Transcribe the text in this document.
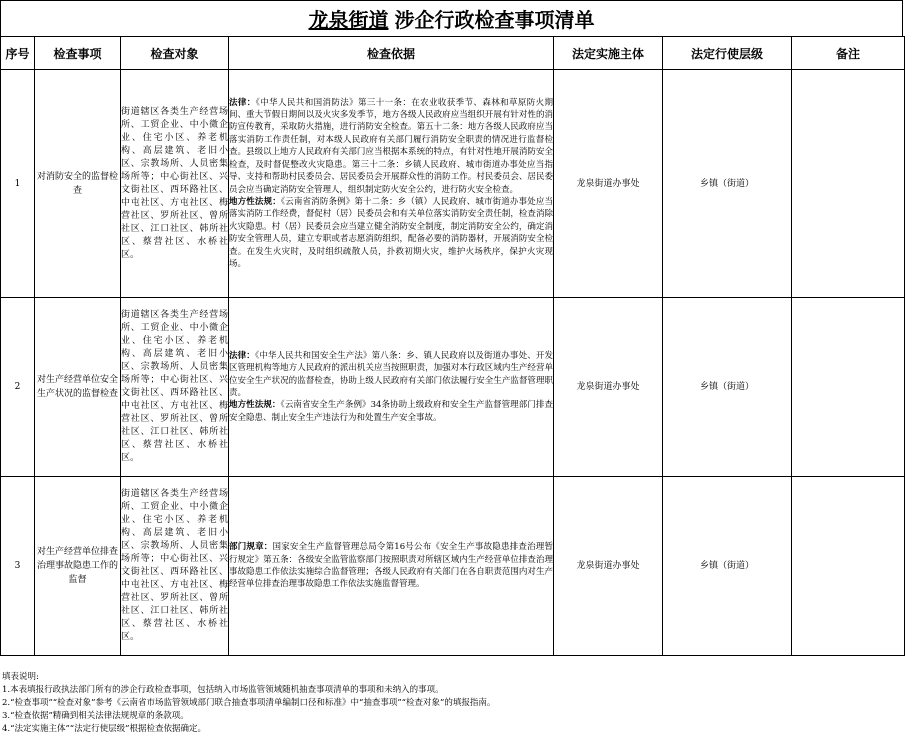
龙泉街道 涉企行政检查事项清单
序号	检查事项	检查对象	检查依据	法定实施主体	法定行使层级	备注
1	对消防安全的监督检查	街道辖区各类生产经营场所、工贸企业、中小微企业、住宅小区、养老机构、高层建筑、老旧小区、宗教场所、人员密集场所等；中心街社区、兴文街社区、西环路社区、中屯社区、方屯社区、梅营社区、罗所社区、曾所社区、江口社区、韩所社区、蔡营社区、水桥社区。	法律：《中华人民共和国消防法》第三十一条：在农业收获季节、森林和草原防火期间、重大节假日期间以及火灾多发季节，地方各级人民政府应当组织开展有针对性的消防宣传教育，采取防火措施，进行消防安全检查。第五十二条：地方各级人民政府应当落实消防工作责任制，对本级人民政府有关部门履行消防安全职责的情况进行监督检查。县级以上地方人民政府有关部门应当根据本系统的特点，有针对性地开展消防安全检查，及时督促整改火灾隐患。第三十二条：乡镇人民政府、城市街道办事处应当指导、支持和帮助村民委员会、居民委员会开展群众性的消防工作。村民委员会、居民委员会应当确定消防安全管理人，组织制定防火安全公约，进行防火安全检查。
地方性法规：《云南省消防条例》第十二条：乡（镇）人民政府、城市街道办事处应当落实消防工作经费，督促村（居）民委员会和有关单位落实消防安全责任制，检查消除火灾隐患。村（居）民委员会应当建立健全消防安全制度，制定消防安全公约，确定消防安全管理人员，建立专职或者志愿消防组织，配备必要的消防器材，开展消防安全检查。在发生火灾时，及时组织疏散人员，扑救初期火灾，维护火场秩序，保护火灾现场。	龙泉街道办事处	乡镇（街道）	
2	对生产经营单位安全生产状况的监督检查	街道辖区各类生产经营场所、工贸企业、中小微企业、住宅小区、养老机构、高层建筑、老旧小区、宗教场所、人员密集场所等；中心街社区、兴文街社区、西环路社区、中屯社区、方屯社区、梅营社区、罗所社区、曾所社区、江口社区、韩所社区、蔡营社区、水桥社区。	法律：《中华人民共和国安全生产法》第八条：乡、镇人民政府以及街道办事处、开发区管理机构等地方人民政府的派出机关应当按照职责，加强对本行政区域内生产经营单位安全生产状况的监督检查，协助上级人民政府有关部门依法履行安全生产监督管理职责。
地方性法规：《云南省安全生产条例》34条协助上级政府和安全生产监督管理部门排查安全隐患、制止安全生产违法行为和处置生产安全事故。	龙泉街道办事处	乡镇（街道）	
3	对生产经营单位排查治理事故隐患工作的监督	街道辖区各类生产经营场所、工贸企业、中小微企业、住宅小区、养老机构、高层建筑、老旧小区、宗教场所、人员密集场所等；中心街社区、兴文街社区、西环路社区、中屯社区、方屯社区、梅营社区、罗所社区、曾所社区、江口社区、韩所社区、蔡营社区、水桥社区。	部门规章：国家安全生产监督管理总局令第16号公布《安全生产事故隐患排查治理暂行规定》第五条：各级安全监管监察部门按照职责对所辖区域内生产经营单位排查治理事故隐患工作依法实施综合监督管理；各级人民政府有关部门在各自职责范围内对生产经营单位排查治理事故隐患工作依法实施监督管理。	龙泉街道办事处	乡镇（街道）	
填表说明:
1.本表填报行政执法部门所有的涉企行政检查事项，包括纳入市场监管领域随机抽查事项清单的事项和未纳入的事项。
2.“检查事项”“检查对象”参考《云南省市场监管领域部门联合抽查事项清单编制口径和标准》中“抽查事项”“检查对象”的填报指南。
3.“检查依据”精确到相关法律法规规章的条款项。
4.“法定实施主体”“法定行使层级”根据检查依据确定。
